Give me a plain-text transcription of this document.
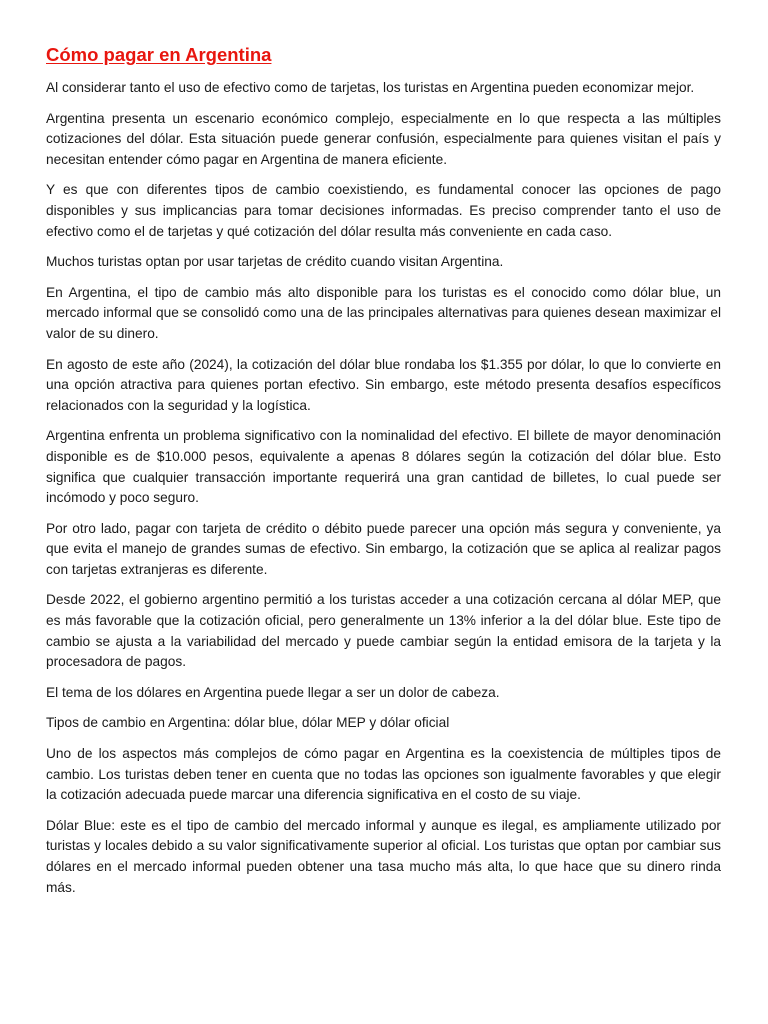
Cómo pagar en Argentina

Al considerar tanto el uso de efectivo como de tarjetas, los turistas en Argentina pueden economizar mejor.

Argentina presenta un escenario económico complejo, especialmente en lo que respecta a las múltiples cotizaciones del dólar. Esta situación puede generar confusión, especialmente para quienes visitan el país y necesitan entender cómo pagar en Argentina de manera eficiente.

Y es que con diferentes tipos de cambio coexistiendo, es fundamental conocer las opciones de pago disponibles y sus implicancias para tomar decisiones informadas. Es preciso comprender tanto el uso de efectivo como el de tarjetas y qué cotización del dólar resulta más conveniente en cada caso.

Muchos turistas optan por usar tarjetas de crédito cuando visitan Argentina.

En Argentina, el tipo de cambio más alto disponible para los turistas es el conocido como dólar blue, un mercado informal que se consolidó como una de las principales alternativas para quienes desean maximizar el valor de su dinero.

En agosto de este año (2024), la cotización del dólar blue rondaba los $1.355 por dólar, lo que lo convierte en una opción atractiva para quienes portan efectivo. Sin embargo, este método presenta desafíos específicos relacionados con la seguridad y la logística.

Argentina enfrenta un problema significativo con la nominalidad del efectivo. El billete de mayor denominación disponible es de $10.000 pesos, equivalente a apenas 8 dólares según la cotización del dólar blue. Esto significa que cualquier transacción importante requerirá una gran cantidad de billetes, lo cual puede ser incómodo y poco seguro.

Por otro lado, pagar con tarjeta de crédito o débito puede parecer una opción más segura y conveniente, ya que evita el manejo de grandes sumas de efectivo. Sin embargo, la cotización que se aplica al realizar pagos con tarjetas extranjeras es diferente.

Desde 2022, el gobierno argentino permitió a los turistas acceder a una cotización cercana al dólar MEP, que es más favorable que la cotización oficial, pero generalmente un 13% inferior a la del dólar blue. Este tipo de cambio se ajusta a la variabilidad del mercado y puede cambiar según la entidad emisora de la tarjeta y la procesadora de pagos.

El tema de los dólares en Argentina puede llegar a ser un dolor de cabeza.

Tipos de cambio en Argentina: dólar blue, dólar MEP y dólar oficial

Uno de los aspectos más complejos de cómo pagar en Argentina es la coexistencia de múltiples tipos de cambio. Los turistas deben tener en cuenta que no todas las opciones son igualmente favorables y que elegir la cotización adecuada puede marcar una diferencia significativa en el costo de su viaje.

Dólar Blue: este es el tipo de cambio del mercado informal y aunque es ilegal, es ampliamente utilizado por turistas y locales debido a su valor significativamente superior al oficial. Los turistas que optan por cambiar sus dólares en el mercado informal pueden obtener una tasa mucho más alta, lo que hace que su dinero rinda más.
